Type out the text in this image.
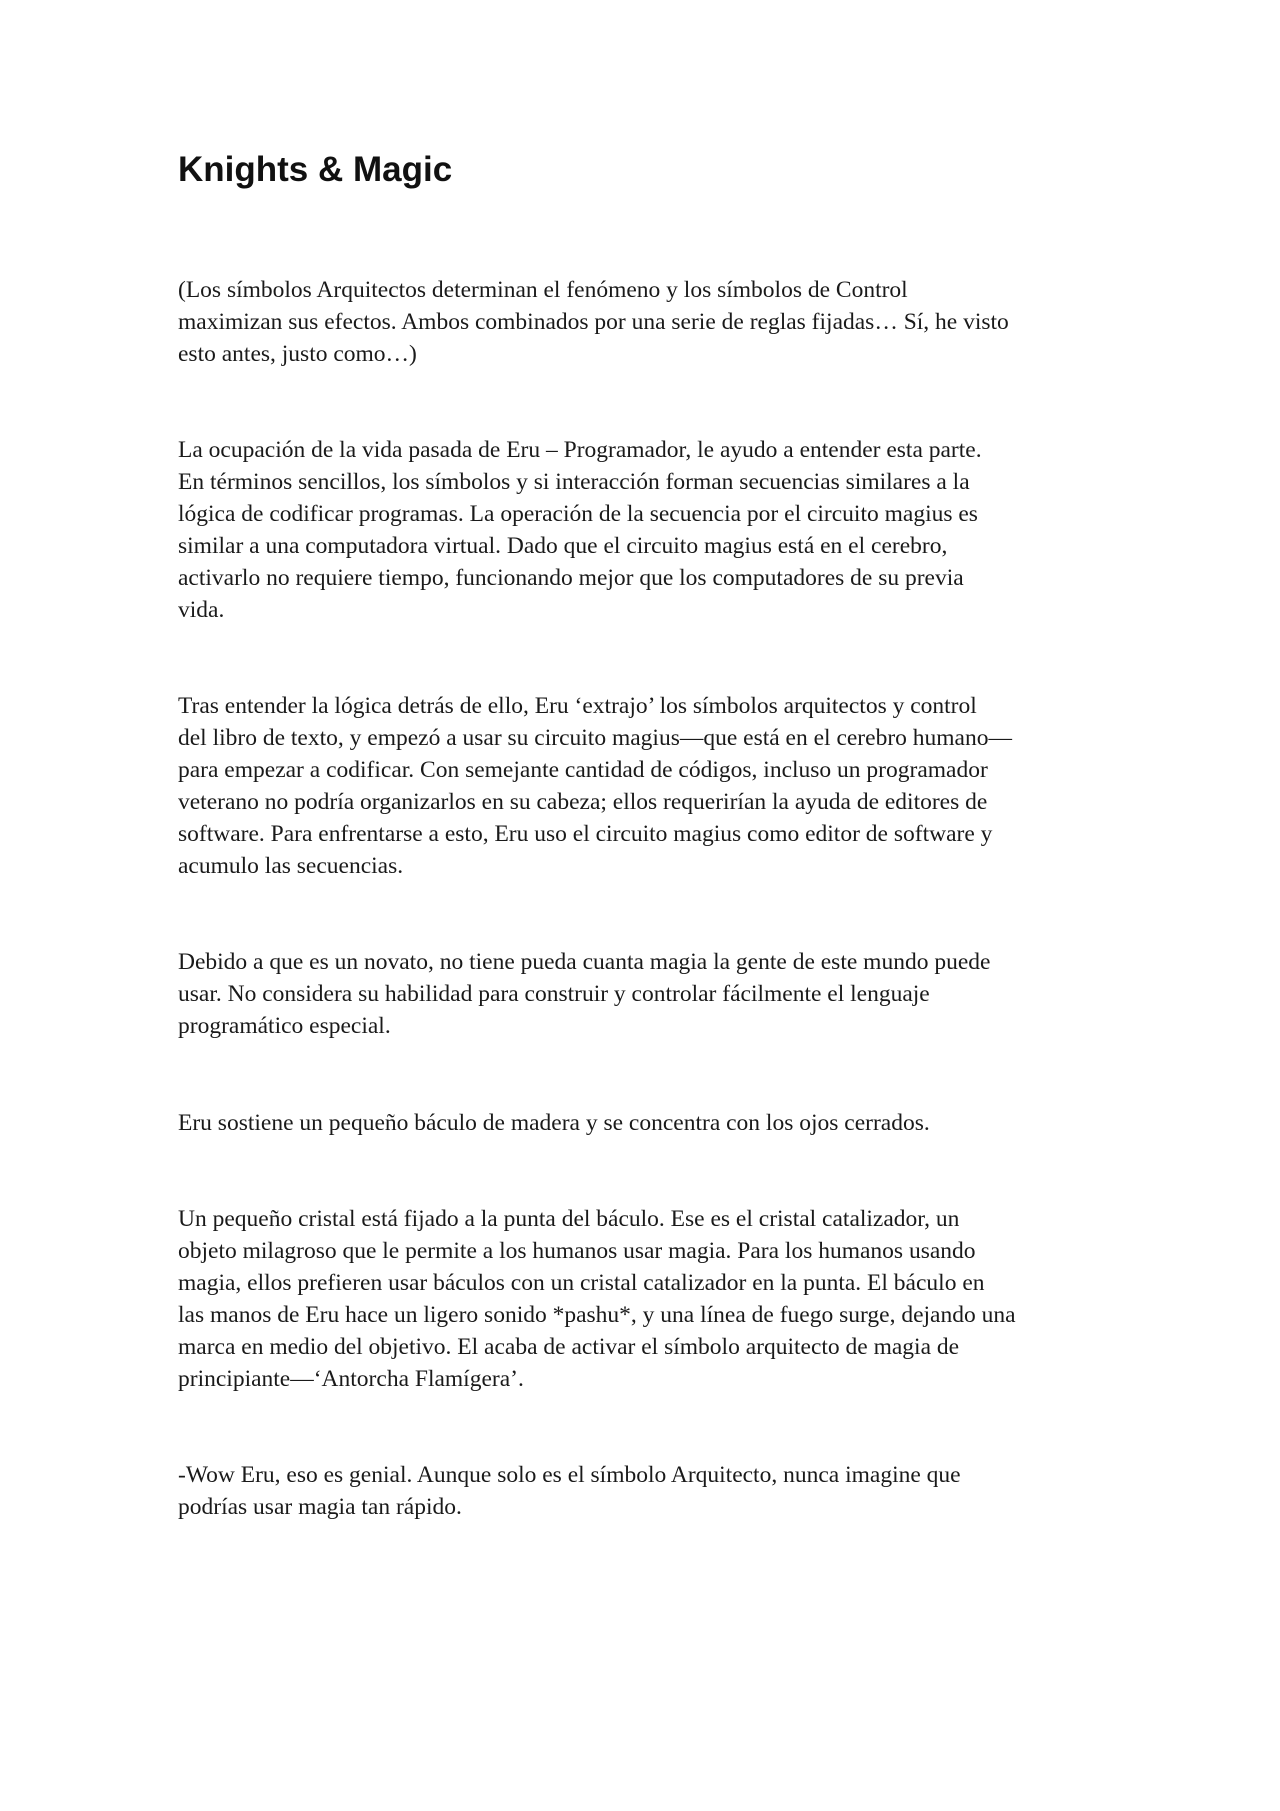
Knights & Magic

(Los símbolos Arquitectos determinan el fenómeno y los símbolos de Control
maximizan sus efectos. Ambos combinados por una serie de reglas fijadas… Sí, he visto
esto antes, justo como…)

La ocupación de la vida pasada de Eru – Programador, le ayudo a entender esta parte.
En términos sencillos, los símbolos y si interacción forman secuencias similares a la
lógica de codificar programas. La operación de la secuencia por el circuito magius es
similar a una computadora virtual. Dado que el circuito magius está en el cerebro,
activarlo no requiere tiempo, funcionando mejor que los computadores de su previa
vida.

Tras entender la lógica detrás de ello, Eru ‘extrajo’ los símbolos arquitectos y control
del libro de texto, y empezó a usar su circuito magius—que está en el cerebro humano—
para empezar a codificar. Con semejante cantidad de códigos, incluso un programador
veterano no podría organizarlos en su cabeza; ellos requerirían la ayuda de editores de
software. Para enfrentarse a esto, Eru uso el circuito magius como editor de software y
acumulo las secuencias.

Debido a que es un novato, no tiene pueda cuanta magia la gente de este mundo puede
usar. No considera su habilidad para construir y controlar fácilmente el lenguaje
programático especial.

Eru sostiene un pequeño báculo de madera y se concentra con los ojos cerrados.

Un pequeño cristal está fijado a la punta del báculo. Ese es el cristal catalizador, un
objeto milagroso que le permite a los humanos usar magia. Para los humanos usando
magia, ellos prefieren usar báculos con un cristal catalizador en la punta. El báculo en
las manos de Eru hace un ligero sonido *pashu*, y una línea de fuego surge, dejando una
marca en medio del objetivo. El acaba de activar el símbolo arquitecto de magia de
principiante—‘Antorcha Flamígera’.

-Wow Eru, eso es genial. Aunque solo es el símbolo Arquitecto, nunca imagine que
podrías usar magia tan rápido.
